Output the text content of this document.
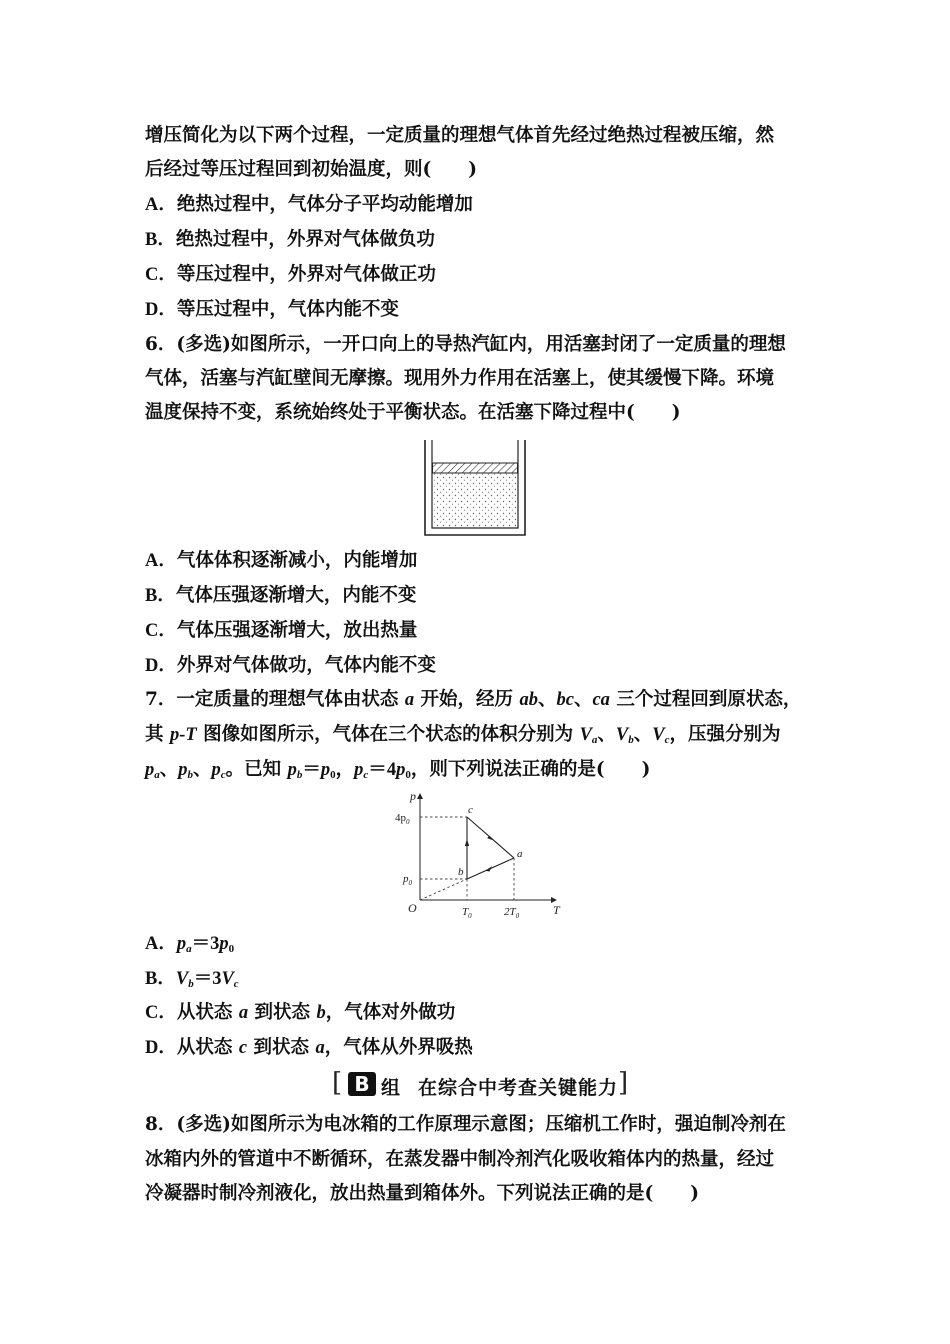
增压简化为以下两个过程，一定质量的理想气体首先经过绝热过程被压缩，然
后经过等压过程回到初始温度，则(　　)
A．绝热过程中，气体分子平均动能增加
B．绝热过程中，外界对气体做负功
C．等压过程中，外界对气体做正功
D．等压过程中，气体内能不变
6．(多选)如图所示，一开口向上的导热汽缸内，用活塞封闭了一定质量的理想
气体，活塞与汽缸壁间无摩擦。现用外力作用在活塞上，使其缓慢下降。环境
温度保持不变，系统始终处于平衡状态。在活塞下降过程中(　　)
A．气体体积逐渐减小，内能增加
B．气体压强逐渐增大，内能不变
C．气体压强逐渐增大，放出热量
D．外界对气体做功，气体内能不变
7．一定质量的理想气体由状态 a 开始，经历 ab、bc、ca 三个过程回到原状态，
其 p-T 图像如图所示，气体在三个状态的体积分别为 $V_a$、$V_b$、$V_c$，压强分别为
$p_a$、$p_b$、$p_c$。已知 $p_b=p_0$，$p_c=4p_0$，则下列说法正确的是(　　)
p
T
O
$4p_0$
$p_0$
$T_0$	$2T_0$
c
b
a
A．$p_a=3p_0$
B．$V_b=3V_c$
C．从状态 a 到状态 b，气体对外做功
D．从状态 c 到状态 a，气体从外界吸热
[ B 组 在综合中考查关键能力 ]
8．(多选)如图所示为电冰箱的工作原理示意图；压缩机工作时，强迫制冷剂在
冰箱内外的管道中不断循环，在蒸发器中制冷剂汽化吸收箱体内的热量，经过
冷凝器时制冷剂液化，放出热量到箱体外。下列说法正确的是(　　)
